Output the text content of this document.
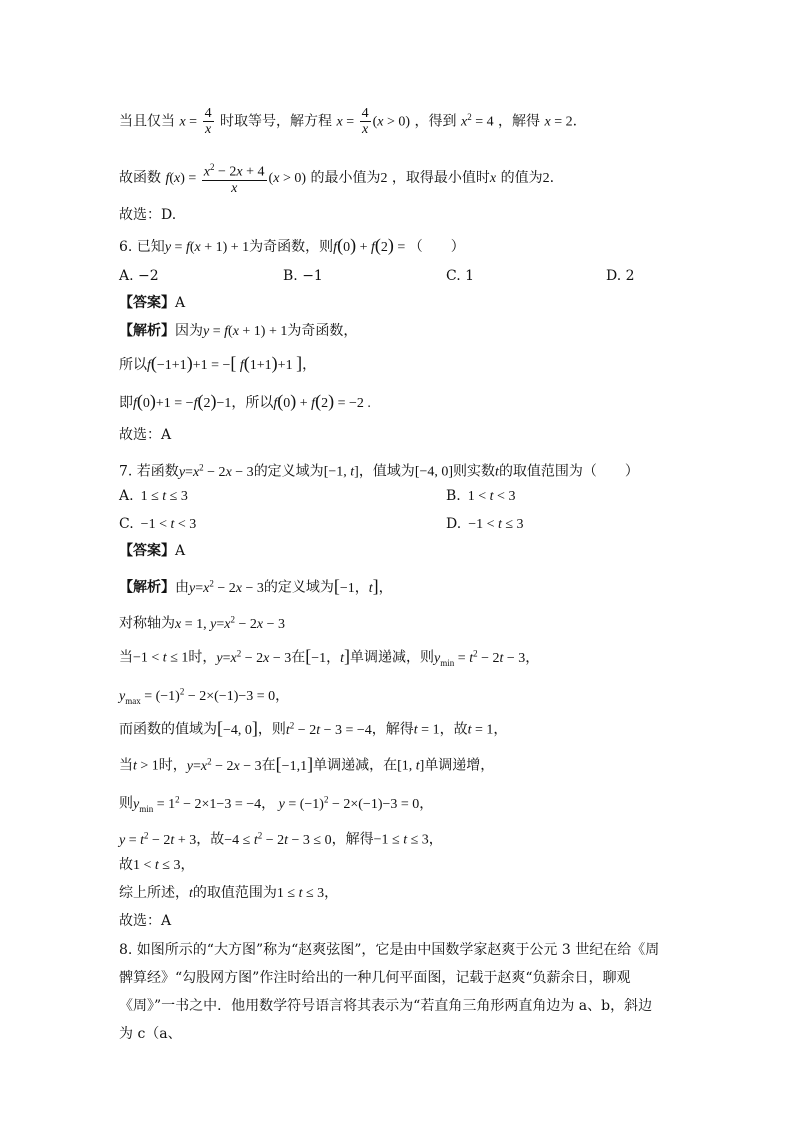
当且仅当 $x = \frac{4}{x}$ 时取等号，解方程 $x = \frac{4}{x} (x > 0)$ ，得到 $x^2 = 4$ ，解得 x = 2.
故函数 $f(x) = \frac{x^2 - 2x + 4}{x} (x > 0)$ 的最小值为2 ，取得最小值时x 的值为2.
故选：D.
6. 已知y = f(x + 1) + 1为奇函数，则f(0) + f(2) = （　　）
A. −2	B. −1	C. 1	D. 2
【答案】A
【解析】因为y = f(x + 1) + 1为奇函数，
所以f(−1+1)+1 = −[ f(1+1)+1 ]，
即f(0)+1 = −f(2)−1，所以f(0) + f(2) = −2 .
故选：A
7. 若函数$y=x^2 - 2x - 3$的定义域为[−1, t]，值域为[−4, 0]则实数t的取值范围为（　　）
A.  1 ≤ t ≤ 3	B.  1 < t < 3
C.  −1 < t < 3	D.  −1 < t ≤ 3
【答案】A
【解析】由$y=x^2 - 2x - 3$的定义域为[−1，t]，
对称轴为x = 1, $y=x^2 - 2x - 3$
当−1 < t ≤ 1时，$y=x^2 - 2x - 3$在[−1，t]单调递减，则$y_{min} = t^2 - 2t - 3$，
$y_{max} = (-1)^2 - 2\times(-1)-3 = 0$，
而函数的值域为[−4, 0]，则$t^2 - 2t - 3 = -4$，解得t = 1，故t = 1，
当t > 1时，$y=x^2 - 2x - 3$在[−1,1]单调递减，在[1, t]单调递增，
则$y_{min} = 1^2 - 2\times 1-3 = -4$， $y = (-1)^2 - 2\times(-1)-3 = 0$，
$y = t^2 - 2t + 3$，故$-4 \le t^2 - 2t - 3 \le 0$，解得−1 ≤ t ≤ 3，
故1 < t ≤ 3，
综上所述，t的取值范围为1 ≤ t ≤ 3，
故选：A
8. 如图所示的“大方图”称为“赵爽弦图”，它是由中国数学家赵爽于公元 3 世纪在给《周髀算经》“勾股网方图”作注时给出的一种几何平面图，记载于赵爽“负薪余日，聊观《周》”一书之中．他用数学符号语言将其表示为“若直角三角形两直角边为 a、b，斜边为 c（a、
